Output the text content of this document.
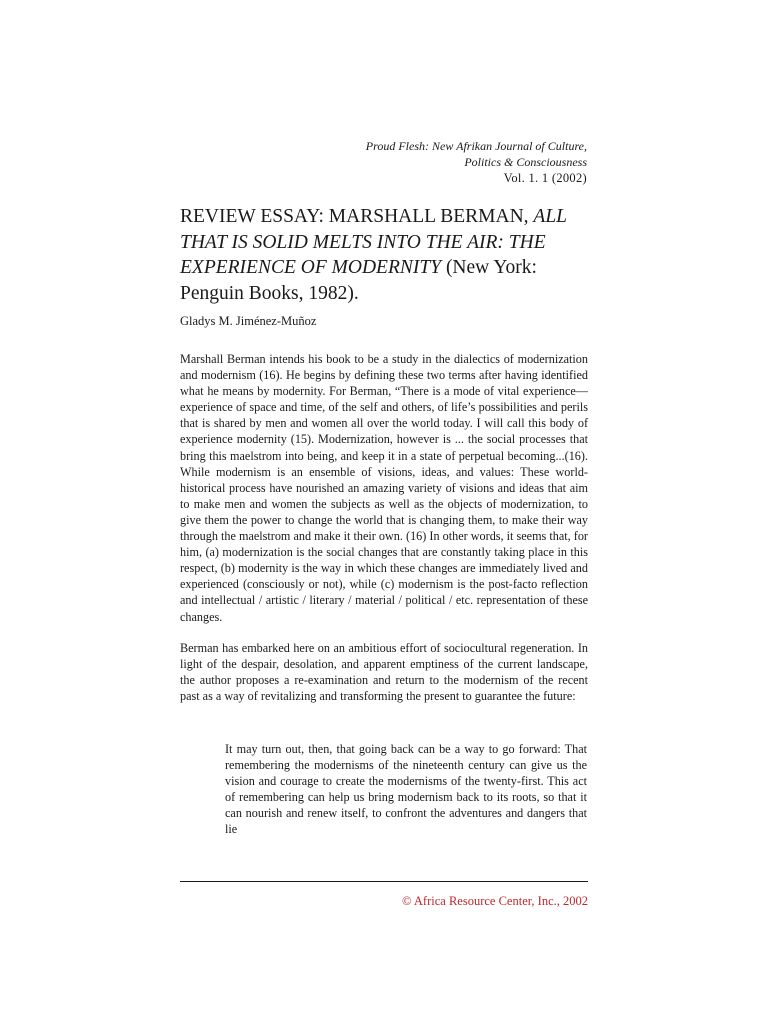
Proud Flesh: New Afrikan Journal of Culture,
Politics & Consciousness
Vol. 1. 1 (2002)
REVIEW ESSAY: MARSHALL BERMAN, ALL THAT IS SOLID MELTS INTO THE AIR: THE EXPERIENCE OF MODERNITY (New York: Penguin Books, 1982).
Gladys M. Jiménez-Muñoz

Marshall Berman intends his book to be a study in the dialectics of modernization and modernism (16). He begins by defining these two terms after having identified what he means by modernity. For Berman, “There is a mode of vital experience—experience of space and time, of the self and others, of life’s possibilities and perils that is shared by men and women all over the world today. I will call this body of experience modernity (15). Modernization, however is ... the social processes that bring this maelstrom into being, and keep it in a state of perpetual becoming...(16). While modernism is an ensemble of visions, ideas, and values: These world-historical process have nourished an amazing variety of visions and ideas that aim to make men and women the subjects as well as the objects of modernization, to give them the power to change the world that is changing them, to make their way through the maelstrom and make it their own. (16) In other words, it seems that, for him, (a) modernization is the social changes that are constantly taking place in this respect, (b) modernity is the way in which these changes are immediately lived and experienced (consciously or not), while (c) modernism is the post-facto reflection and intellectual / artistic / literary / material / political / etc. representation of these changes.

Berman has embarked here on an ambitious effort of sociocultural regeneration. In light of the despair, desolation, and apparent emptiness of the current landscape, the author proposes a re-examination and return to the modernism of the recent past as a way of revitalizing and transforming the present to guarantee the future:

It may turn out, then, that going back can be a way to go forward: That remembering the modernisms of the nineteenth century can give us the vision and courage to create the modernisms of the twenty-first. This act of remembering can help us bring modernism back to its roots, so that it can nourish and renew itself, to confront the adventures and dangers that lie
© Africa Resource Center, Inc., 2002
